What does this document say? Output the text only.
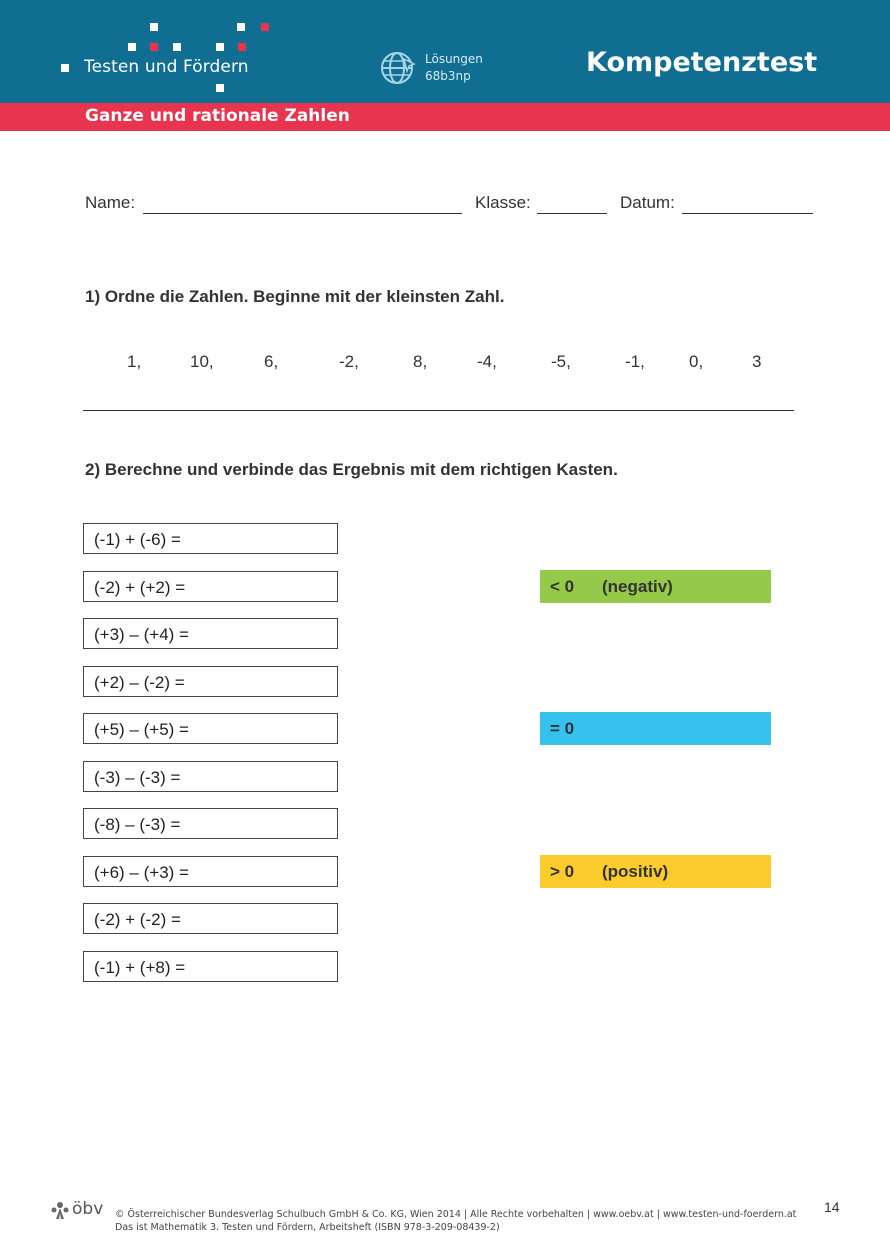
Testen und Fördern	Lösungen
68b3np	Kompetenztest
Ganze und rationale Zahlen
Name:	Klasse:	Datum:
1) Ordne die Zahlen. Beginne mit der kleinsten Zahl.
1,	10,	6,	-2,	8,	-4,	-5,	-1,	0,	3
2) Berechne und verbinde das Ergebnis mit dem richtigen Kasten.
(-1) + (-6) =
(-2) + (+2) =
(+3) – (+4) =
(+2) – (-2) =
(+5) – (+5) =
(-3) – (-3) =
(-8) – (-3) =
(+6) – (+3) =
(-2) + (-2) =
(-1) + (+8) =
< 0 (negativ)
= 0
> 0 (positiv)
öbv © Österreichischer Bundesverlag Schulbuch GmbH & Co. KG, Wien 2014 | Alle Rechte vorbehalten | www.oebv.at | www.testen-und-foerdern.at
Das ist Mathematik 3. Testen und Fördern, Arbeitsheft (ISBN 978-3-209-08439-2)
14
